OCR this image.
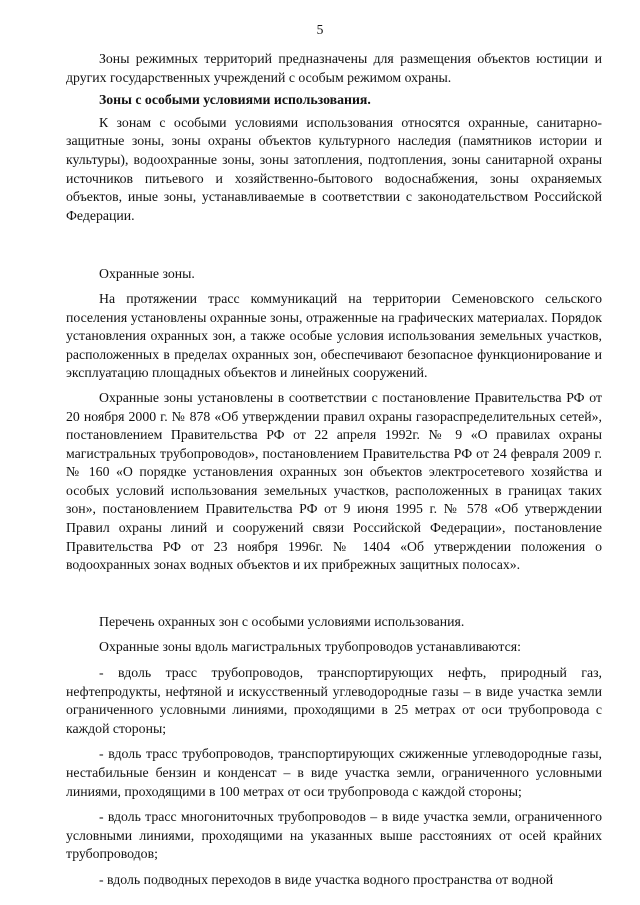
5

Зоны режимных территорий предназначены для размещения объектов юстиции и других государственных учреждений с особым режимом охраны.

Зоны с особыми условиями использования.

К зонам с особыми условиями использования относятся охранные, санитарно-защитные зоны, зоны охраны объектов культурного наследия (памятников истории и культуры), водоохранные зоны, зоны затопления, подтопления, зоны санитарной охраны источников питьевого и хозяйственно-бытового водоснабжения, зоны охраняемых объектов, иные зоны, устанавливаемые в соответствии с законодательством Российской Федерации.

Охранные зоны.

На протяжении трасс коммуникаций на территории Семеновского сельского поселения установлены охранные зоны, отраженные на графических материалах. Порядок установления охранных зон, а также особые условия использования земельных участков, расположенных в пределах охранных зон, обеспечивают безопасное функционирование и эксплуатацию площадных объектов и линейных сооружений.

Охранные зоны установлены в соответствии с постановление Правительства РФ от 20 ноября 2000 г. № 878 «Об утверждении правил охраны газораспределительных сетей», постановлением Правительства РФ от 22 апреля 1992г. № 9 «О правилах охраны магистральных трубопроводов», постановлением Правительства РФ от 24 февраля 2009 г. № 160 «О порядке установления охранных зон объектов электросетевого хозяйства и особых условий использования земельных участков, расположенных в границах таких зон», постановлением Правительства РФ от 9 июня 1995 г. № 578 «Об утверждении Правил охраны линий и сооружений связи Российской Федерации», постановление Правительства РФ от 23 ноября 1996г. № 1404 «Об утверждении положения о водоохранных зонах водных объектов и их прибрежных защитных полосах».

Перечень охранных зон с особыми условиями использования.

Охранные зоны вдоль магистральных трубопроводов устанавливаются:

- вдоль трасс трубопроводов, транспортирующих нефть, природный газ, нефтепродукты, нефтяной и искусственный углеводородные газы – в виде участка земли ограниченного условными линиями, проходящими в 25 метрах от оси трубопровода с каждой стороны;

- вдоль трасс трубопроводов, транспортирующих сжиженные углеводородные газы, нестабильные бензин и конденсат – в виде участка земли, ограниченного условными линиями, проходящими в 100 метрах от оси трубопровода с каждой стороны;

- вдоль трасс многониточных трубопроводов – в виде участка земли, ограниченного условными линиями, проходящими на указанных выше расстояниях от осей крайних трубопроводов;

- вдоль подводных переходов в виде участка водного пространства от водной
